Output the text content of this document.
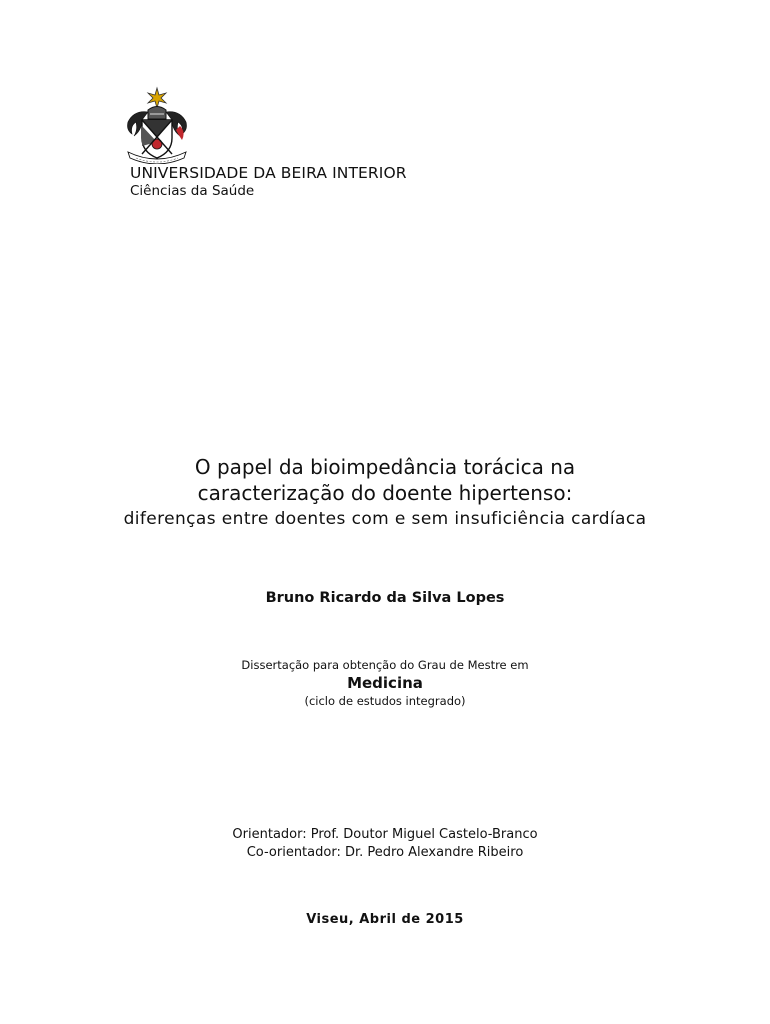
UNIVERSIDADE DA BEIRA INTERIOR
Ciências da Saúde
O papel da bioimpedância torácica na
caracterização do doente hipertenso:
diferenças entre doentes com e sem insuficiência cardíaca
Bruno Ricardo da Silva Lopes
Dissertação para obtenção do Grau de Mestre em
Medicina
(ciclo de estudos integrado)
Orientador: Prof. Doutor Miguel Castelo-Branco
Co-orientador: Dr. Pedro Alexandre Ribeiro
Viseu, Abril de 2015
